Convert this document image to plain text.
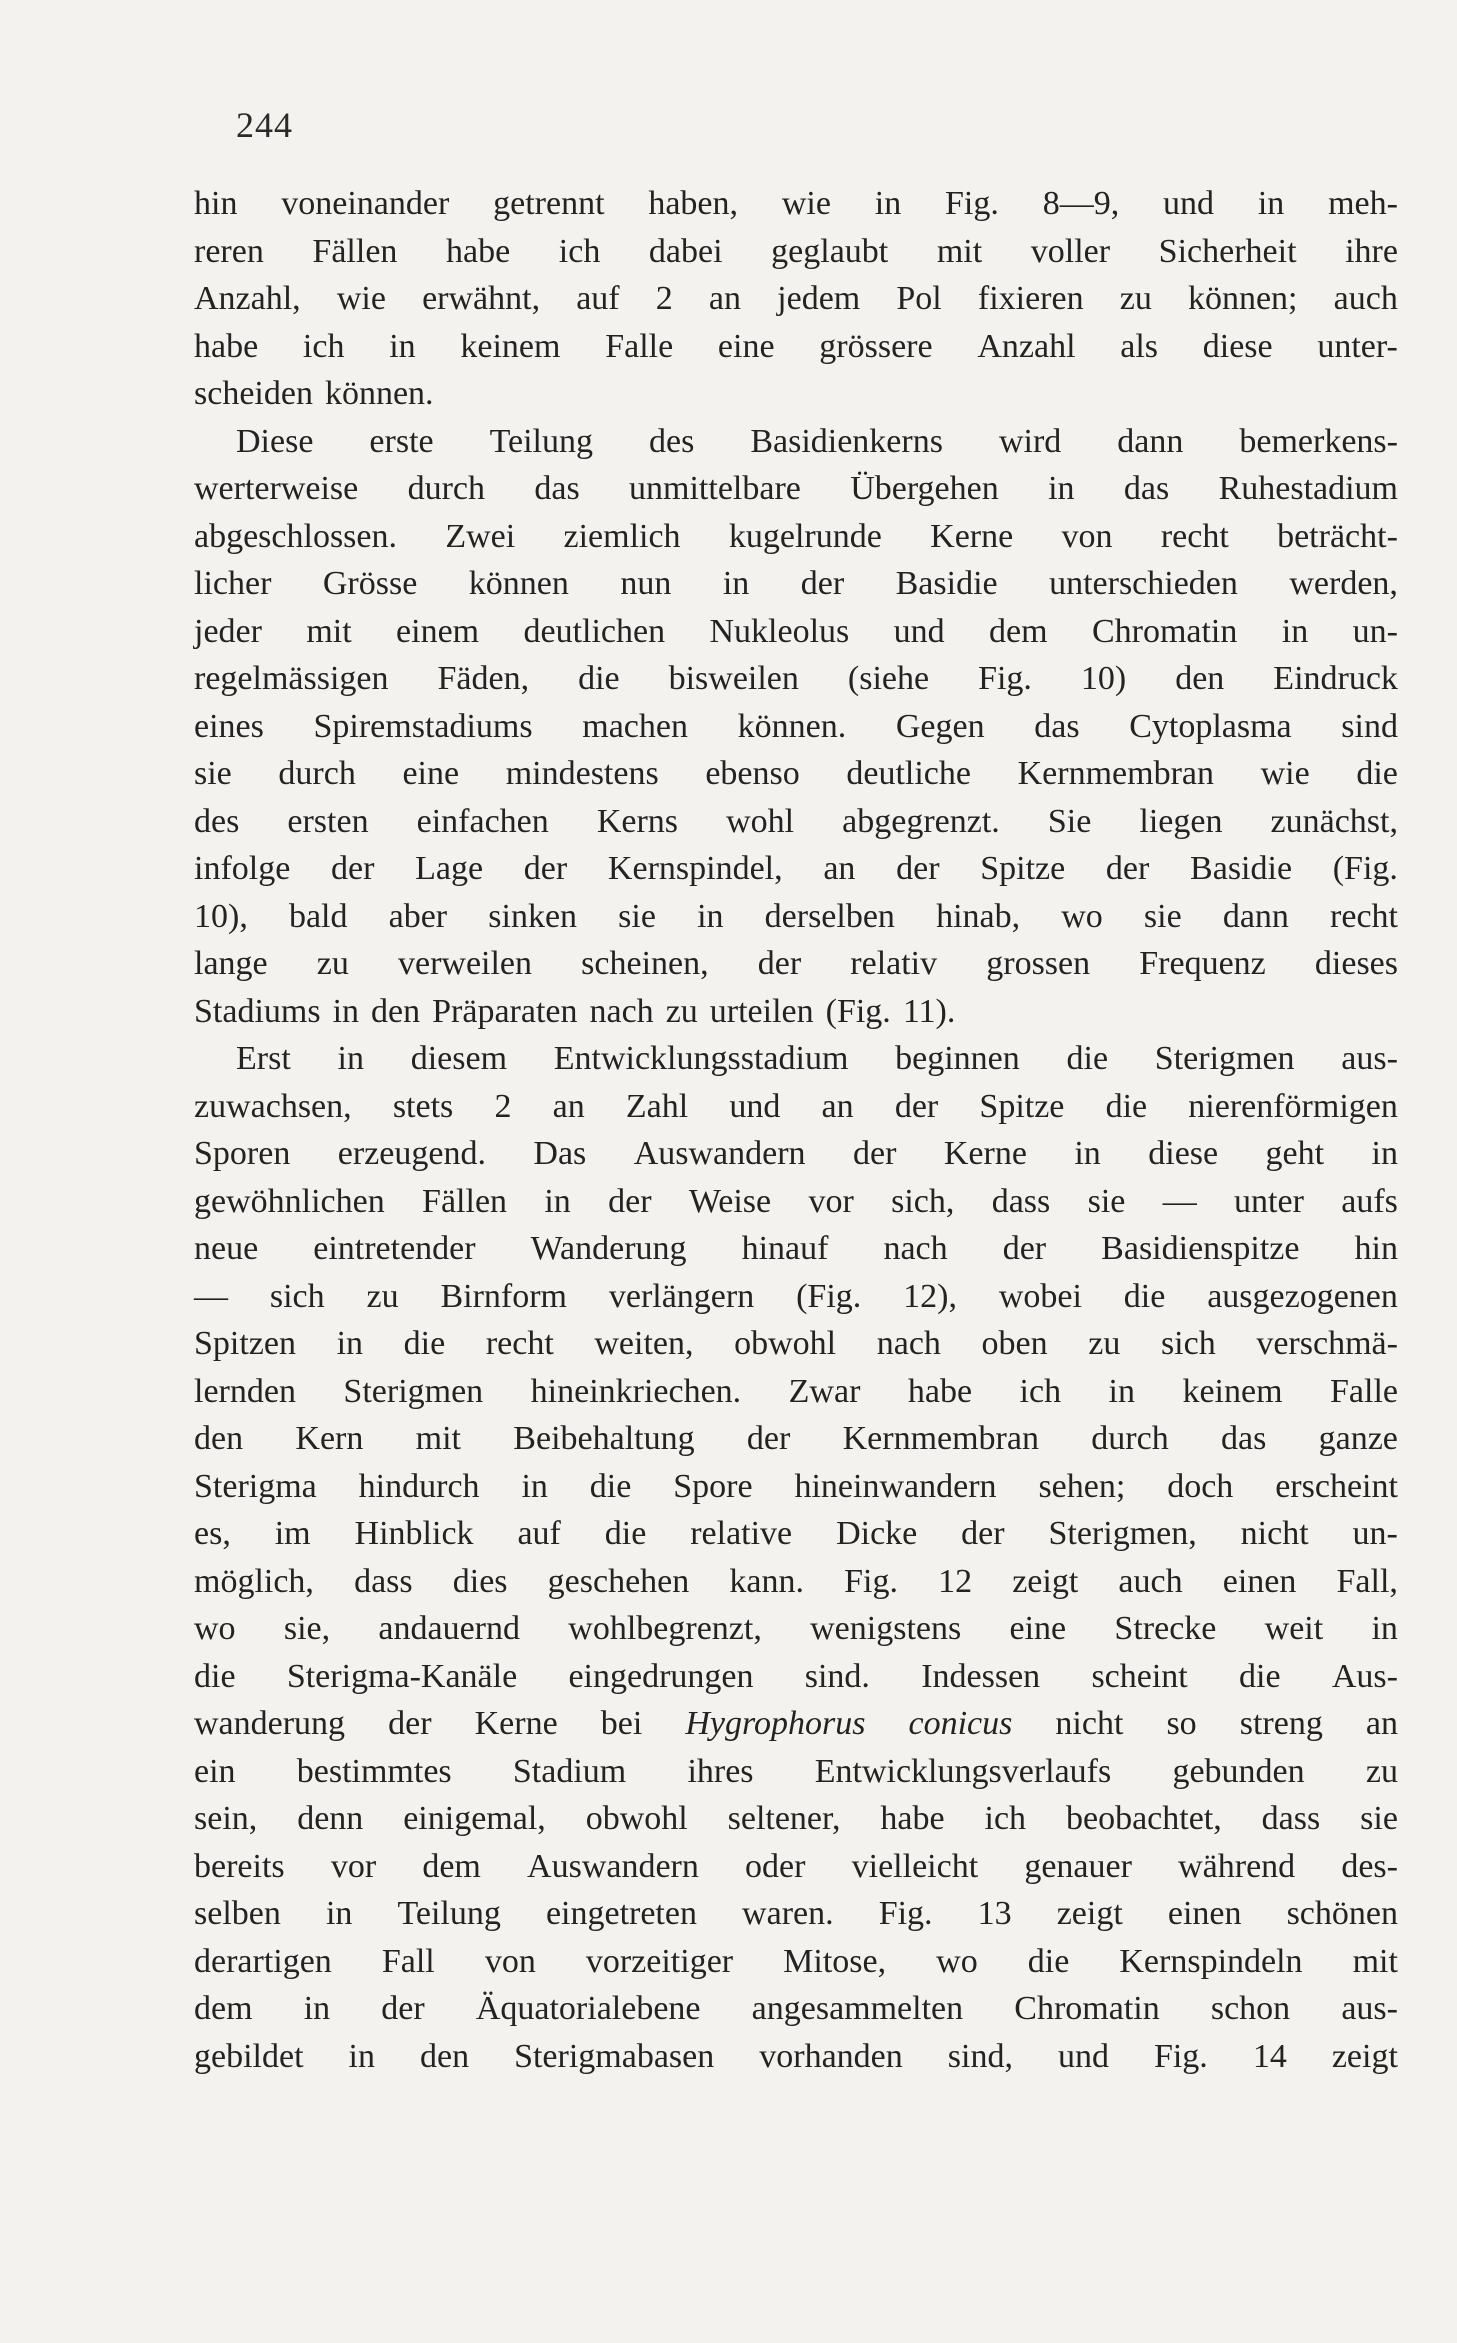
244
hin voneinander getrennt haben, wie in Fig. 8—9, und in meh-
reren Fällen habe ich dabei geglaubt mit voller Sicherheit ihre
Anzahl, wie erwähnt, auf 2 an jedem Pol fixieren zu können; auch
habe ich in keinem Falle eine grössere Anzahl als diese unter-
scheiden können.
Diese erste Teilung des Basidienkerns wird dann bemerkens-
werterweise durch das unmittelbare Übergehen in das Ruhestadium
abgeschlossen. Zwei ziemlich kugelrunde Kerne von recht beträcht-
licher Grösse können nun in der Basidie unterschieden werden,
jeder mit einem deutlichen Nukleolus und dem Chromatin in un-
regelmässigen Fäden, die bisweilen (siehe Fig. 10) den Eindruck
eines Spiremstadiums machen können. Gegen das Cytoplasma sind
sie durch eine mindestens ebenso deutliche Kernmembran wie die
des ersten einfachen Kerns wohl abgegrenzt. Sie liegen zunächst,
infolge der Lage der Kernspindel, an der Spitze der Basidie (Fig.
10), bald aber sinken sie in derselben hinab, wo sie dann recht
lange zu verweilen scheinen, der relativ grossen Frequenz dieses
Stadiums in den Präparaten nach zu urteilen (Fig. 11).
Erst in diesem Entwicklungsstadium beginnen die Sterigmen aus-
zuwachsen, stets 2 an Zahl und an der Spitze die nierenförmigen
Sporen erzeugend. Das Auswandern der Kerne in diese geht in
gewöhnlichen Fällen in der Weise vor sich, dass sie — unter aufs
neue eintretender Wanderung hinauf nach der Basidienspitze hin
— sich zu Birnform verlängern (Fig. 12), wobei die ausgezogenen
Spitzen in die recht weiten, obwohl nach oben zu sich verschmä-
lernden Sterigmen hineinkriechen. Zwar habe ich in keinem Falle
den Kern mit Beibehaltung der Kernmembran durch das ganze
Sterigma hindurch in die Spore hineinwandern sehen; doch erscheint
es, im Hinblick auf die relative Dicke der Sterigmen, nicht un-
möglich, dass dies geschehen kann. Fig. 12 zeigt auch einen Fall,
wo sie, andauernd wohlbegrenzt, wenigstens eine Strecke weit in
die Sterigma-Kanäle eingedrungen sind. Indessen scheint die Aus-
wanderung der Kerne bei Hygrophorus conicus nicht so streng an
ein bestimmtes Stadium ihres Entwicklungsverlaufs gebunden zu
sein, denn einigemal, obwohl seltener, habe ich beobachtet, dass sie
bereits vor dem Auswandern oder vielleicht genauer während des-
selben in Teilung eingetreten waren. Fig. 13 zeigt einen schönen
derartigen Fall von vorzeitiger Mitose, wo die Kernspindeln mit
dem in der Äquatorialebene angesammelten Chromatin schon aus-
gebildet in den Sterigmabasen vorhanden sind, und Fig. 14 zeigt
